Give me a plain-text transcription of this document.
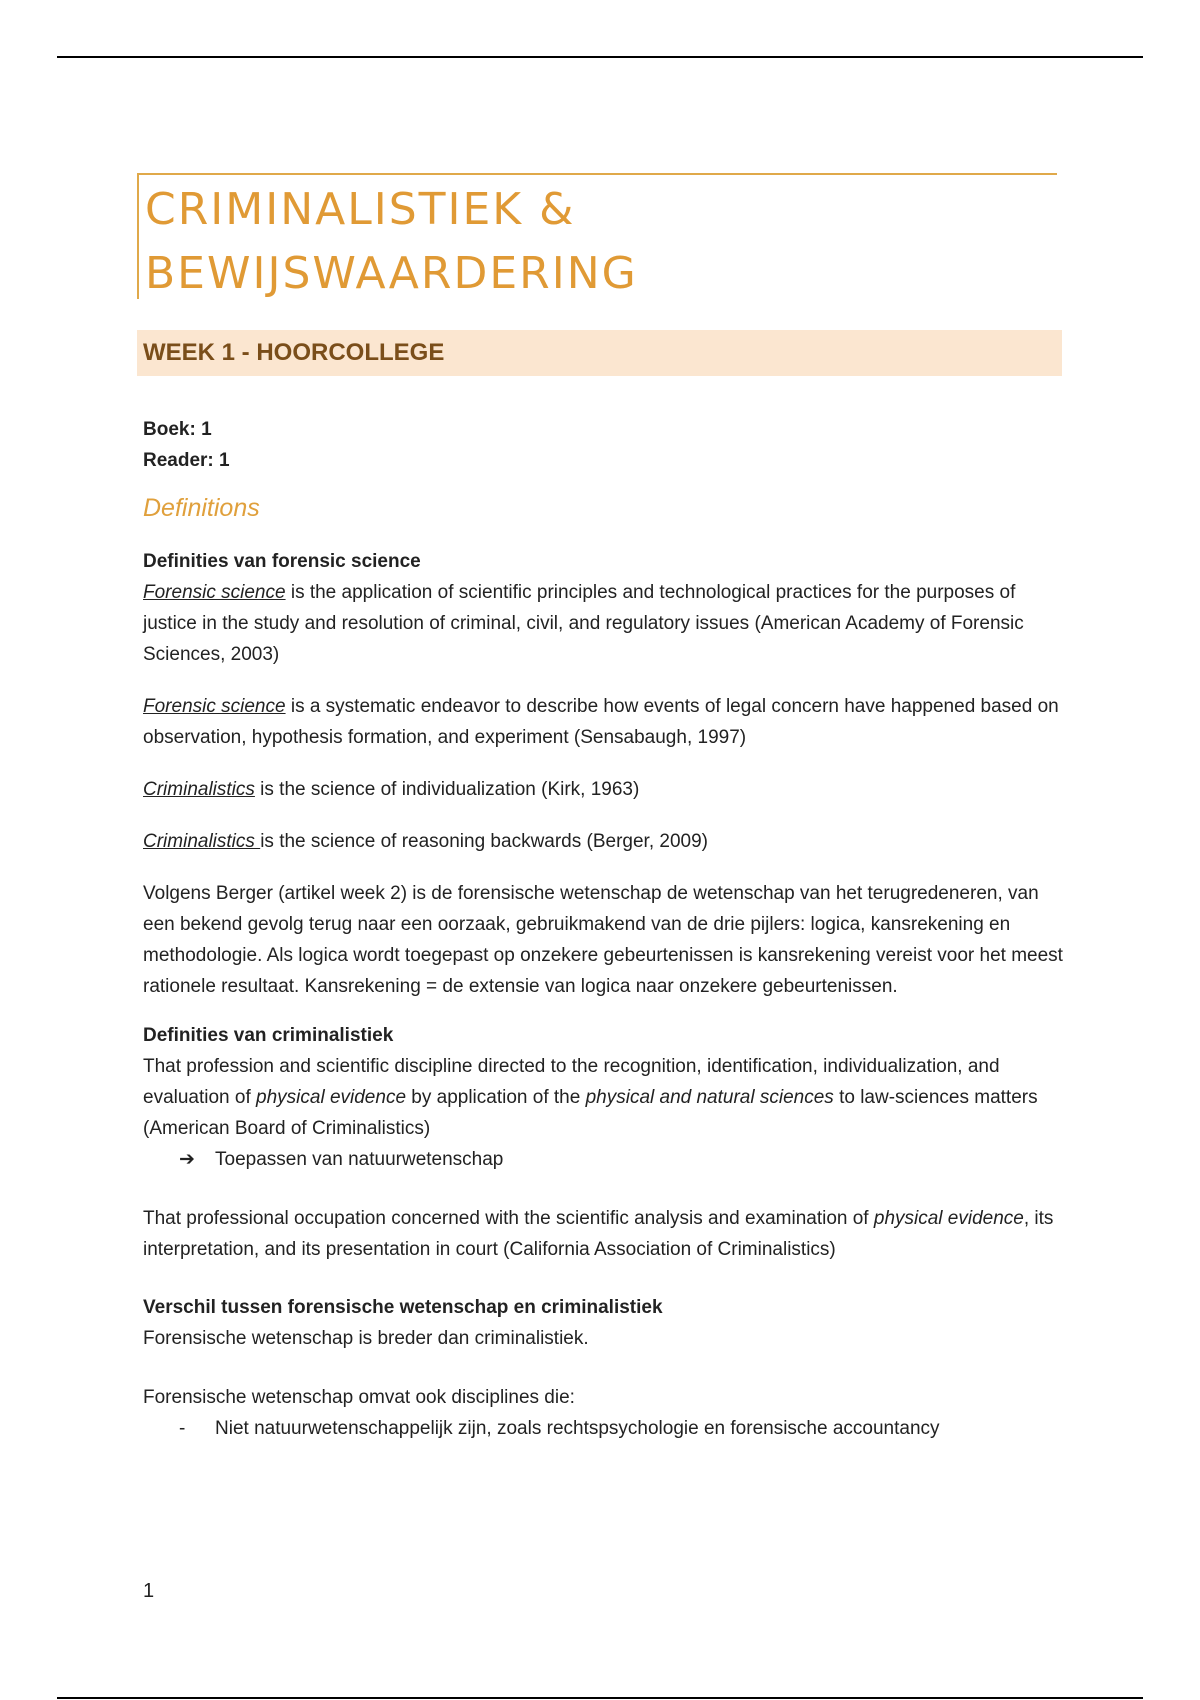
CRIMINALISTIEK &
BEWIJSWAARDERING
WEEK 1 - HOORCOLLEGE

Boek: 1

Reader: 1

Definitions

Definities van forensic science

Forensic science is the application of scientific principles and technological practices for the purposes of justice in the study and resolution of criminal, civil, and regulatory issues (American Academy of Forensic Sciences, 2003)

Forensic science is a systematic endeavor to describe how events of legal concern have happened based on observation, hypothesis formation, and experiment (Sensabaugh, 1997)

Criminalistics is the science of individualization (Kirk, 1963)

Criminalistics is the science of reasoning backwards (Berger, 2009)

Volgens Berger (artikel week 2) is de forensische wetenschap de wetenschap van het terugredeneren, van een bekend gevolg terug naar een oorzaak, gebruikmakend van de drie pijlers: logica, kansrekening en methodologie. Als logica wordt toegepast op onzekere gebeurtenissen is kansrekening vereist voor het meest rationele resultaat. Kansrekening = de extensie van logica naar onzekere gebeurtenissen.

Definities van criminalistiek

That profession and scientific discipline directed to the recognition, identification, individualization, and evaluation of physical evidence by application of the physical and natural sciences to law-sciences matters (American Board of Criminalistics)

➔ Toepassen van natuurwetenschap

That professional occupation concerned with the scientific analysis and examination of physical evidence, its interpretation, and its presentation in court (California Association of Criminalistics)

Verschil tussen forensische wetenschap en criminalistiek

Forensische wetenschap is breder dan criminalistiek.

Forensische wetenschap omvat ook disciplines die:

- Niet natuurwetenschappelijk zijn, zoals rechtspsychologie en forensische accountancy

1
